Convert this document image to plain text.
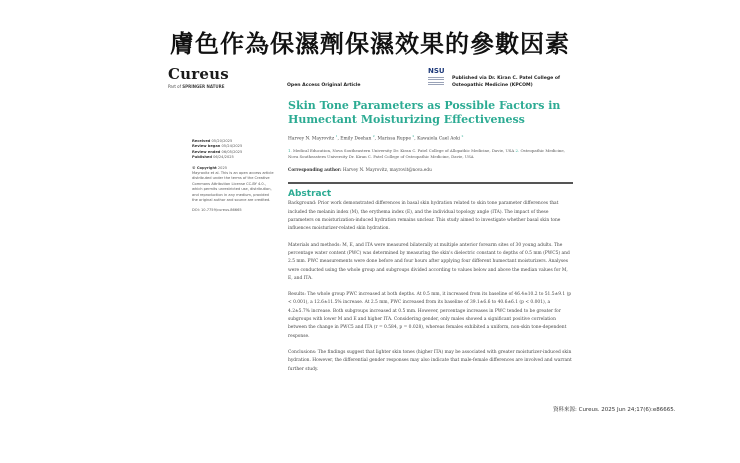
膚色作為保濕劑保濕效果的參數因素
Cureus
Part of SPRINGER NATURE	Open Access Original Article
NSU
Published via Dr. Kiran C. Patel College of
Osteopathic Medicine (KPCOM)
Received 05/20/2025
Review began 05/24/2025
Review ended 06/05/2025
Published 06/24/2025
© Copyright 2025
Mayrovitz et al. This is an open access article distributed under the terms of the Creative Commons Attribution License CC-BY 4.0., which permits unrestricted use, distribution, and reproduction in any medium, provided the original author and source are credited.
DOI: 10.7759/cureus.86665
Skin Tone Parameters as Possible Factors in Humectant Moisturizing Effectiveness
Harvey N. Mayrovitz $^1$, Emily Deehan $^2$, Marissa Ruppe $^2$, Kawaiola Cael Aoki $^2$
1. Medical Education, Nova Southeastern University Dr. Kiran C. Patel College of Allopathic Medicine, Davie, USA 2. Osteopathic Medicine, Nova Southeastern University Dr. Kiran C. Patel College of Osteopathic Medicine, Davie, USA
Corresponding author: Harvey N. Mayrovitz, mayrovit@nova.edu
Abstract

Background: Prior work demonstrated differences in basal skin hydration related to skin tone parameter differences that included the melanin index (M), the erythema index (E), and the individual topology angle (ITA). The impact of these parameters on moisturization-induced hydration remains unclear. This study aimed to investigate whether basal skin tone influences moisturizer-related skin hydration.

Materials and methods: M, E, and ITA were measured bilaterally at multiple anterior forearm sites of 30 young adults. The percentage water content (PWC) was determined by measuring the skin's dielectric constant to depths of 0.5 mm (PWC5) and 2.5 mm. PWC measurements were done before and four hours after applying four different humectant moisturizers. Analyses were conducted using the whole group and subgroups divided according to values below and above the median values for M, E, and ITA.

Results: The whole group PWC increased at both depths. At 0.5 mm, it increased from its baseline of 46.4±10.2 to 51.5±9.1 (p < 0.001), a 12.6±11.5% increase. At 2.5 mm, PWC increased from its baseline of 39.1±6.6 to 40.6±6.1 (p < 0.001), a 4.2±5.7% increase. Both subgroups increased at 0.5 mm. However, percentage increases in PWC tended to be greater for subgroups with lower M and E and higher ITA. Considering gender, only males showed a significant positive correlation between the change in PWC5 and ITA (r = 0.584, p = 0.028), whereas females exhibited a uniform, non-skin tone-dependent response.

Conclusions: The findings suggest that lighter skin tones (higher ITA) may be associated with greater moisturizer-induced skin hydration. However, the differential gender responses may also indicate that male-female differences are involved and warrant further study.

資料來源: Cureus. 2025 Jun 24;17(6):e86665.
